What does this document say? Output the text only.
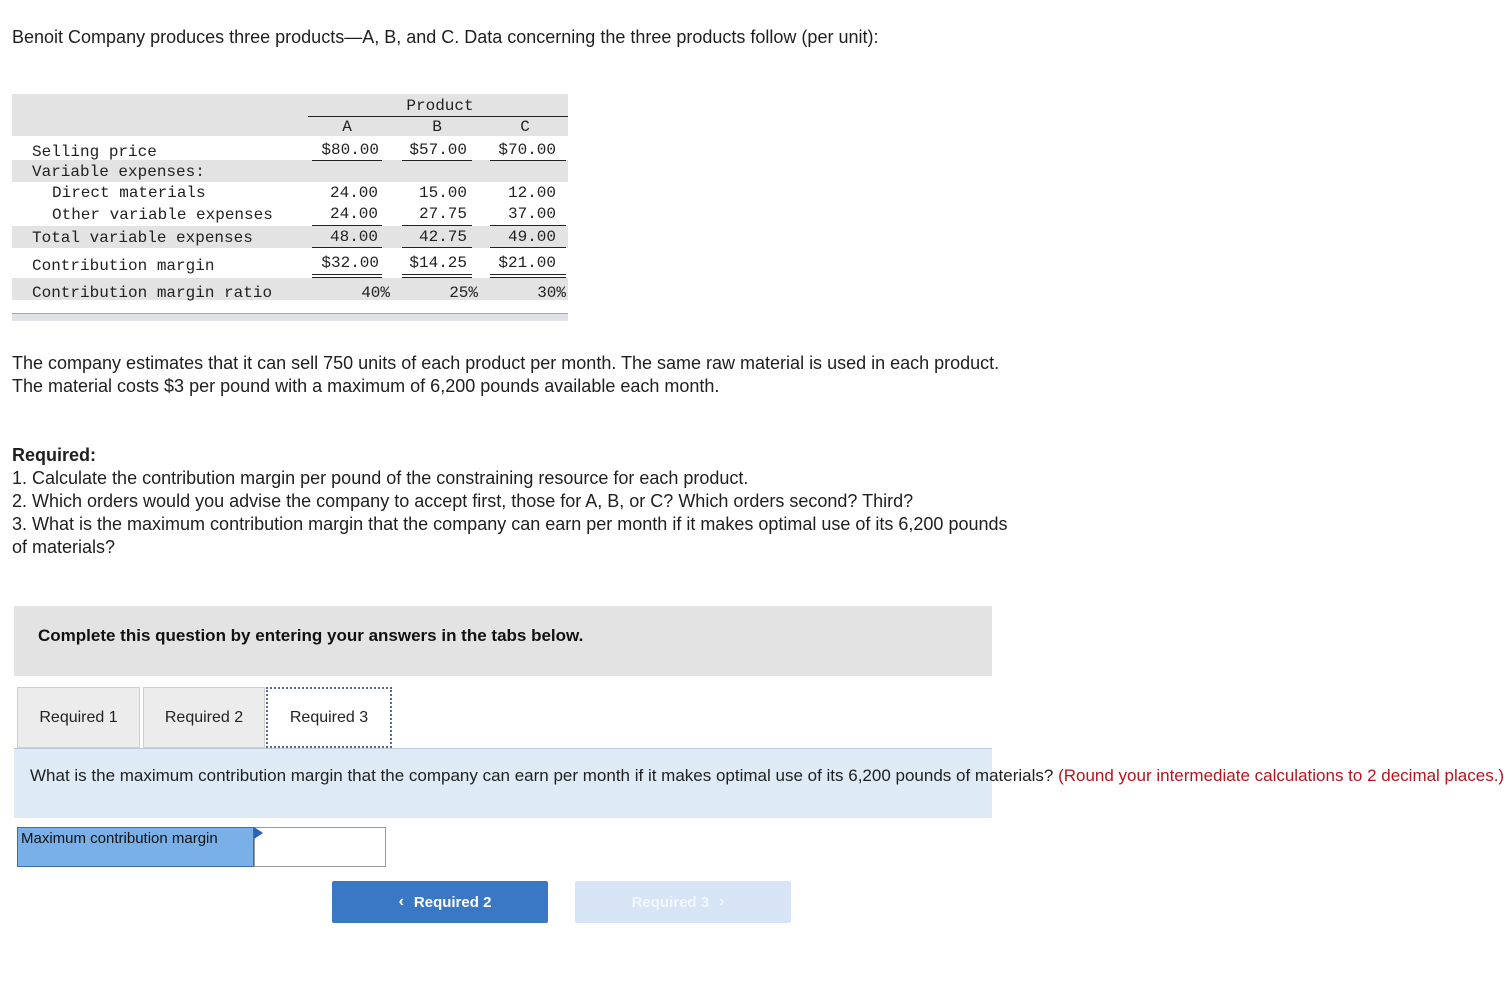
Benoit Company produces three products—A, B, and C. Data concerning the three products follow (per unit):

Product
A	B	C
Selling price	$80.00	$57.00	$70.00
Variable expenses:
Direct materials	24.00	15.00	12.00
Other variable expenses	24.00	27.75	37.00
Total variable expenses	48.00	42.75	49.00
Contribution margin	$32.00	$14.25	$21.00
Contribution margin ratio	40%	25%	30%

The company estimates that it can sell 750 units of each product per month. The same raw material is used in each product. The material costs $3 per pound with a maximum of 6,200 pounds available each month.

Required:
1. Calculate the contribution margin per pound of the constraining resource for each product.
2. Which orders would you advise the company to accept first, those for A, B, or C? Which orders second? Third?
3. What is the maximum contribution margin that the company can earn per month if it makes optimal use of its 6,200 pounds of materials?
Complete this question by entering your answers in the tabs below.
Required 1	Required 2	Required 3
What is the maximum contribution margin that the company can earn per month if it makes optimal use of its 6,200 pounds of materials? (Round your intermediate calculations to 2 decimal places.)
Maximum contribution margin
‹ Required 2	Required 3 ›
